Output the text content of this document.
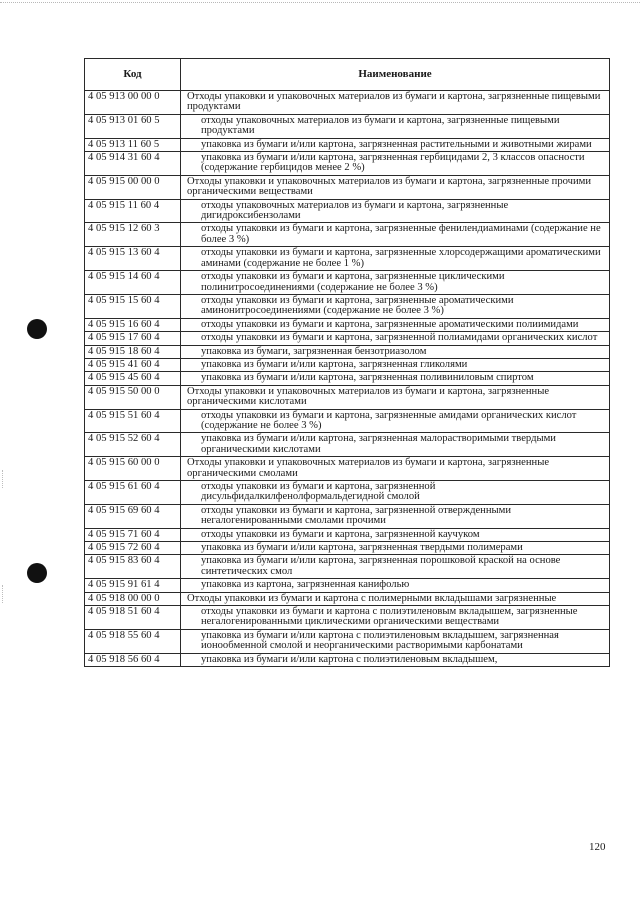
Код	Наименование
4 05 913 00 00 0	Отходы упаковки и упаковочных материалов из бумаги и картона, загрязненные пищевыми продуктами
4 05 913 01 60 5	отходы упаковочных материалов из бумаги и картона, загрязненные пищевыми продуктами
4 05 913 11 60 5	упаковка из бумаги и/или картона, загрязненная растительными и животными жирами
4 05 914 31 60 4	упаковка из бумаги и/или картона, загрязненная гербицидами 2, 3 классов опасности (содержание гербицидов менее 2 %)
4 05 915 00 00 0	Отходы упаковки и упаковочных материалов из бумаги и картона, загрязненные прочими органическими веществами
4 05 915 11 60 4	отходы упаковочных материалов из бумаги и картона, загрязненные дигидроксибензолами
4 05 915 12 60 3	отходы упаковки из бумаги и картона, загрязненные фенилендиаминами (содержание не более 3 %)
4 05 915 13 60 4	отходы упаковки из бумаги и картона, загрязненные хлорсодержащими ароматическими аминами (содержание не более 1 %)
4 05 915 14 60 4	отходы упаковки из бумаги и картона, загрязненные циклическими полинитросоединениями (содержание не более 3 %)
4 05 915 15 60 4	отходы упаковки из бумаги и картона, загрязненные ароматическими аминонитросоединениями (содержание не более 3 %)
4 05 915 16 60 4	отходы упаковки из бумаги и картона, загрязненные ароматическими полиимидами
4 05 915 17 60 4	отходы упаковки из бумаги и картона, загрязненной полиамидами органических кислот
4 05 915 18 60 4	упаковка из бумаги, загрязненная бензотриазолом
4 05 915 41 60 4	упаковка из бумаги и/или картона, загрязненная гликолями
4 05 915 45 60 4	упаковка из бумаги и/или картона, загрязненная поливиниловым спиртом
4 05 915 50 00 0	Отходы упаковки и упаковочных материалов из бумаги и картона, загрязненные органическими кислотами
4 05 915 51 60 4	отходы упаковки из бумаги и картона, загрязненные амидами органических кислот (содержание не более 3 %)
4 05 915 52 60 4	упаковка из бумаги и/или картона, загрязненная малорастворимыми твердыми органическими кислотами
4 05 915 60 00 0	Отходы упаковки и упаковочных материалов из бумаги и картона, загрязненные органическими смолами
4 05 915 61 60 4	отходы упаковки из бумаги и картона, загрязненной дисульфидалкилфенолформальдегидной смолой
4 05 915 69 60 4	отходы упаковки из бумаги и картона, загрязненной отвержденными негалогенированными смолами прочими
4 05 915 71 60 4	отходы упаковки из бумаги и картона, загрязненной каучуком
4 05 915 72 60 4	упаковка из бумаги и/или картона, загрязненная твердыми полимерами
4 05 915 83 60 4	упаковка из бумаги и/или картона, загрязненная порошковой краской на основе синтетических смол
4 05 915 91 61 4	упаковка из картона, загрязненная канифолью
4 05 918 00 00 0	Отходы упаковки из бумаги и картона с полимерными вкладышами загрязненные
4 05 918 51 60 4	отходы упаковки из бумаги и картона с полиэтиленовым вкладышем, загрязненные негалогенированными циклическими органическими веществами
4 05 918 55 60 4	упаковка из бумаги и/или картона с полиэтиленовым вкладышем, загрязненная ионообменной смолой и неорганическими растворимыми карбонатами
4 05 918 56 60 4	упаковка из бумаги и/или картона с полиэтиленовым вкладышем,
120
